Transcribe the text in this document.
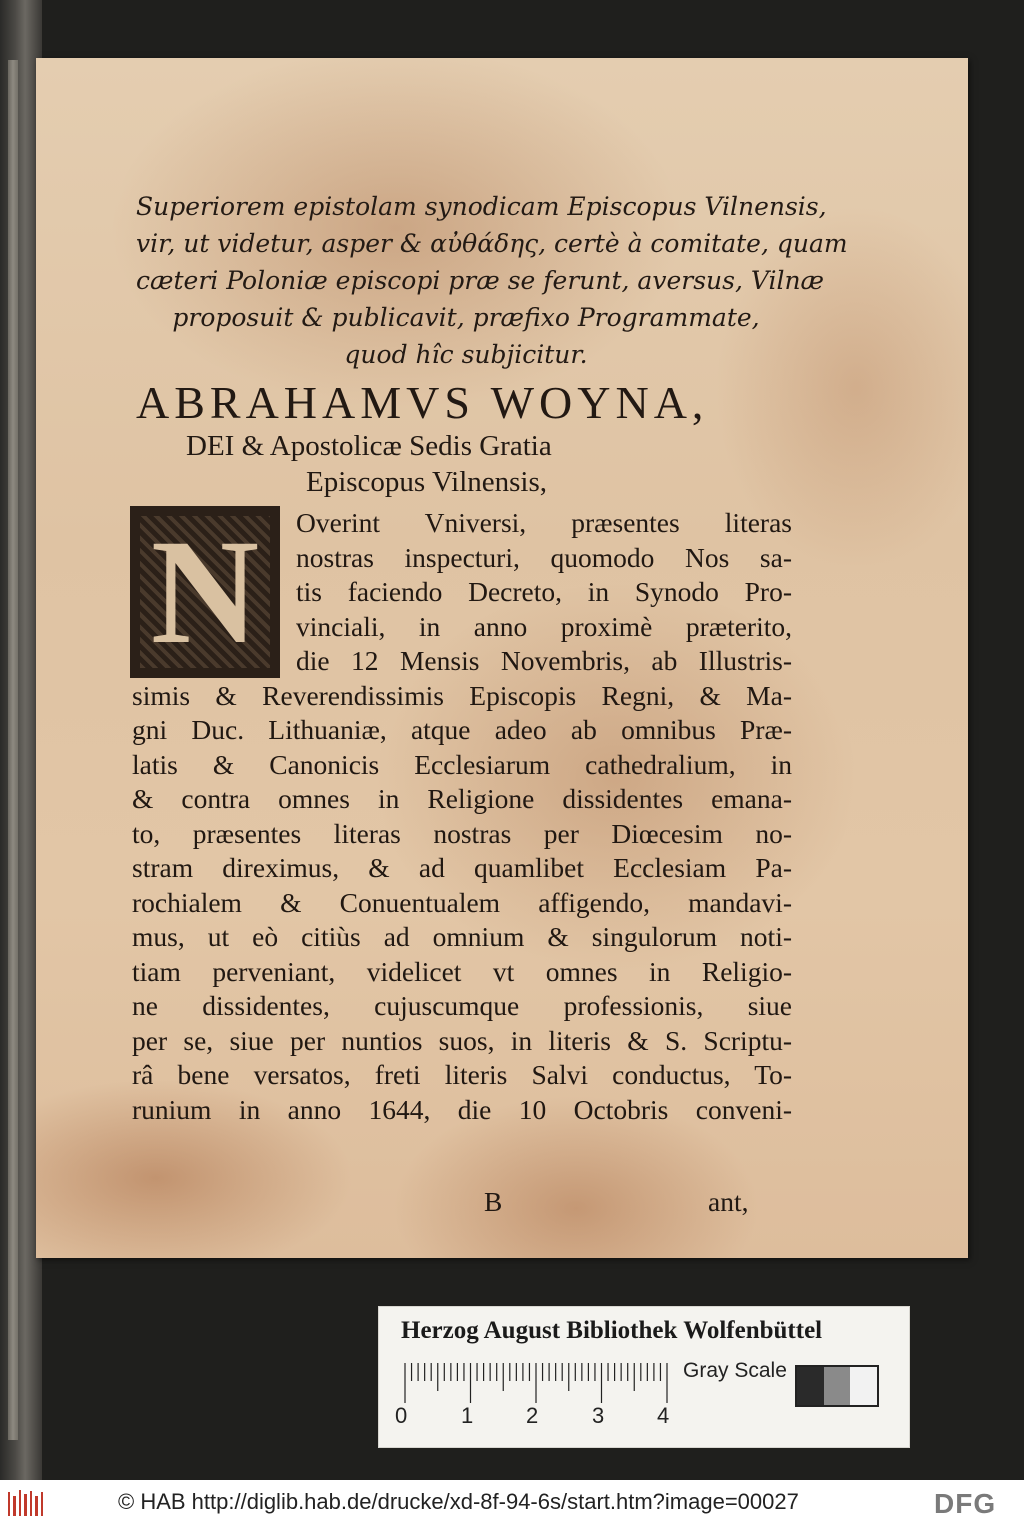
Superiorem epistolam synodicam Episcopus Vilnensis,
vir, ut videtur, asper & αὐθάδης, certè à comitate, quam
cæteri Poloniæ episcopi præ se ferunt, aversus, Vilnæ
proposuit & publicavit, præfixo Programmate,
quod hîc subjicitur.

ABRAHAMVS WOYNA,
DEI & Apostolicæ Sedis Gratia
Episcopus Vilnensis,
Overint Vniversi, præsentes literas
nostras inspecturi, quomodo Nos sa-
tis faciendo Decreto, in Synodo Pro-
vinciali, in anno proximè præterito,
die 12 Mensis Novembris, ab Illustris-
simis & Reverendissimis Episcopis Regni, & Ma-
gni Duc. Lithuaniæ, atque adeo ab omnibus Præ-
latis & Canonicis Ecclesiarum cathedralium, in
& contra omnes in Religione dissidentes emana-
to, præsentes literas nostras per Diœcesim no-
stram direximus, & ad quamlibet Ecclesiam Pa-
rochialem & Conuentualem affigendo, mandavi-
mus, ut eò citiùs ad omnium & singulorum noti-
tiam perveniant, videlicet vt omnes in Religio-
ne dissidentes, cujuscumque professionis, siue
per se, siue per nuntios suos, in literis & S. Scriptu-
râ bene versatos, freti literis Salvi conductus, To-
runium in anno 1644, die 10 Octobris conveni-
N
B	ant,
Herzog August Bibliothek Wolfenbüttel
0 1 2 3 4
Gray Scale
© HAB http://diglib.hab.de/drucke/xd-8f-94-6s/start.htm?image=00027	DFG
